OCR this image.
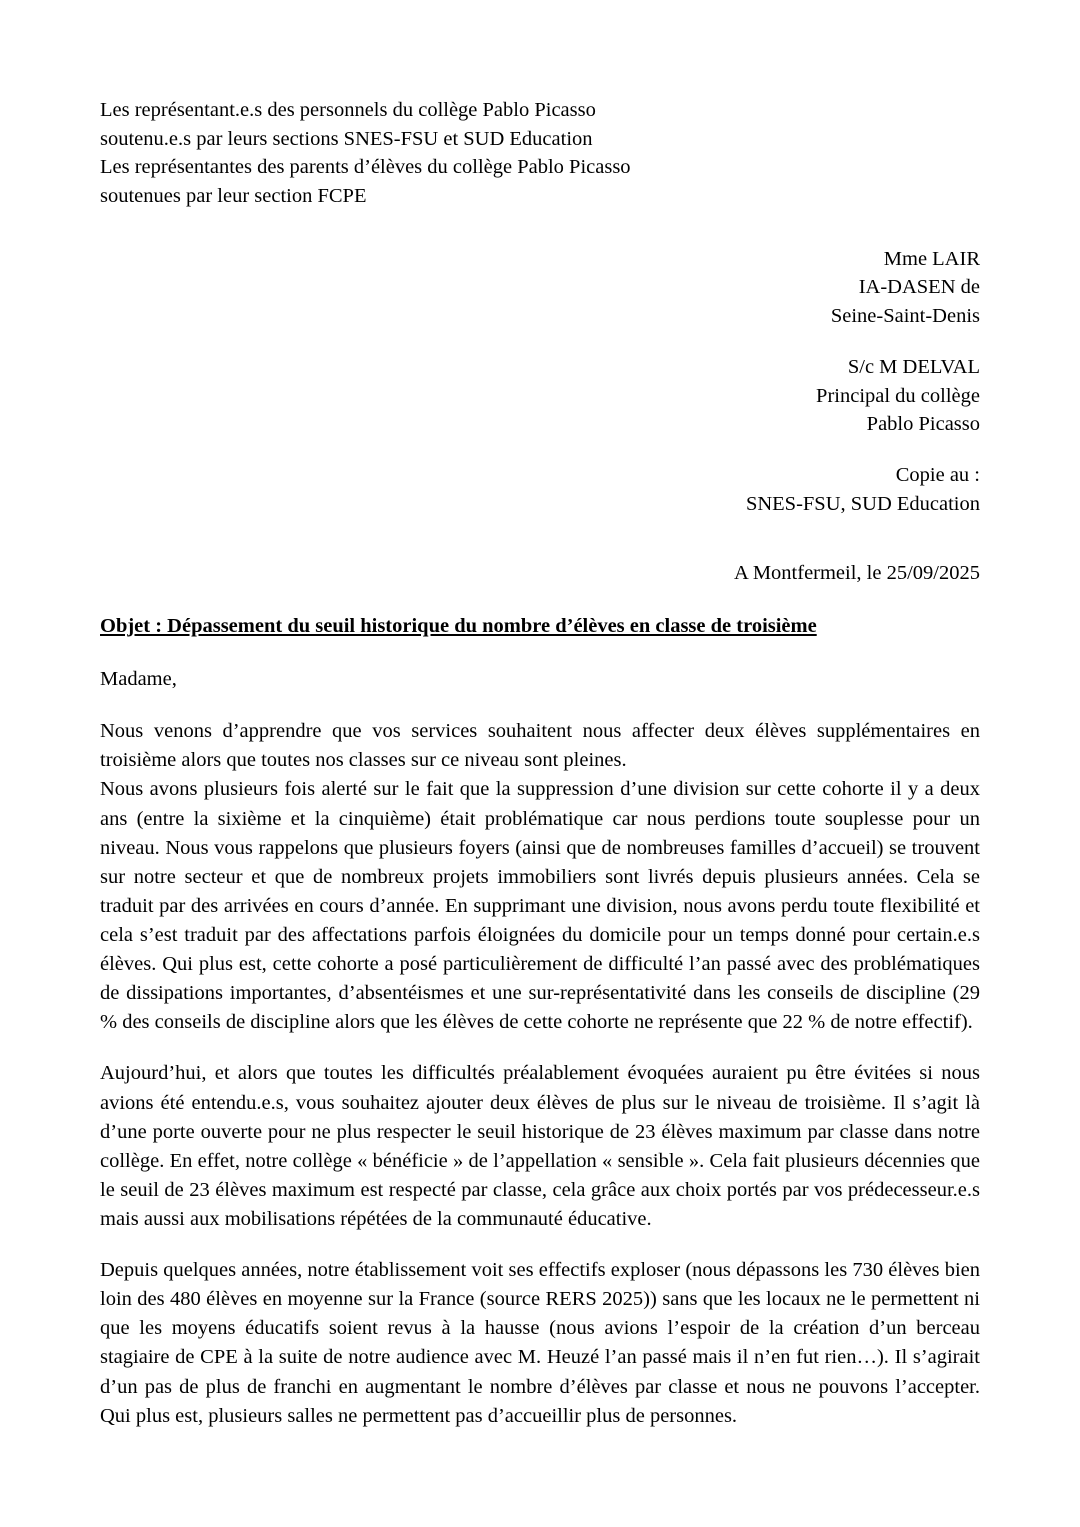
Les représentant.e.s des personnels du collège Pablo Picasso
soutenu.e.s par leurs sections SNES-FSU et SUD Education
Les représentantes des parents d’élèves du collège Pablo Picasso
soutenues par leur section FCPE
Mme LAIR
IA-DASEN de
Seine-Saint-Denis
S/c M DELVAL
Principal du collège
Pablo Picasso
Copie au :
SNES-FSU, SUD Education
A Montfermeil, le 25/09/2025
Objet : Dépassement du seuil historique du nombre d’élèves en classe de troisième
Madame,

Nous venons d’apprendre que vos services souhaitent nous affecter deux élèves supplémentaires en troisième alors que toutes nos classes sur ce niveau sont pleines.

Nous avons plusieurs fois alerté sur le fait que la suppression d’une division sur cette cohorte il y a deux ans (entre la sixième et la cinquième) était problématique car nous perdions toute souplesse pour un niveau. Nous vous rappelons que plusieurs foyers (ainsi que de nombreuses familles d’accueil) se trouvent sur notre secteur et que de nombreux projets immobiliers sont livrés depuis plusieurs années. Cela se traduit par des arrivées en cours d’année. En supprimant une division, nous avons perdu toute flexibilité et cela s’est traduit par des affectations parfois éloignées du domicile pour un temps donné pour certain.e.s élèves. Qui plus est, cette cohorte a posé particulièrement de difficulté l’an passé avec des problématiques de dissipations importantes, d’absentéismes et une sur-représentativité dans les conseils de discipline (29 % des conseils de discipline alors que les élèves de cette cohorte ne représente que 22 % de notre effectif).

Aujourd’hui, et alors que toutes les difficultés préalablement évoquées auraient pu être évitées si nous avions été entendu.e.s, vous souhaitez ajouter deux élèves de plus sur le niveau de troisième. Il s’agit là d’une porte ouverte pour ne plus respecter le seuil historique de 23 élèves maximum par classe dans notre collège. En effet, notre collège « bénéficie » de l’appellation « sensible ». Cela fait plusieurs décennies que le seuil de 23 élèves maximum est respecté par classe, cela grâce aux choix portés par vos prédecesseur.e.s mais aussi aux mobilisations répétées de la communauté éducative.

Depuis quelques années, notre établissement voit ses effectifs exploser (nous dépassons les 730 élèves bien loin des 480 élèves en moyenne sur la France (source RERS 2025)) sans que les locaux ne le permettent ni que les moyens éducatifs soient revus à la hausse (nous avions l’espoir de la création d’un berceau stagiaire de CPE à la suite de notre audience avec M. Heuzé l’an passé mais il n’en fut rien…). Il s’agirait d’un pas de plus de franchi en augmentant le nombre d’élèves par classe et nous ne pouvons l’accepter. Qui plus est, plusieurs salles ne permettent pas d’accueillir plus de personnes.
